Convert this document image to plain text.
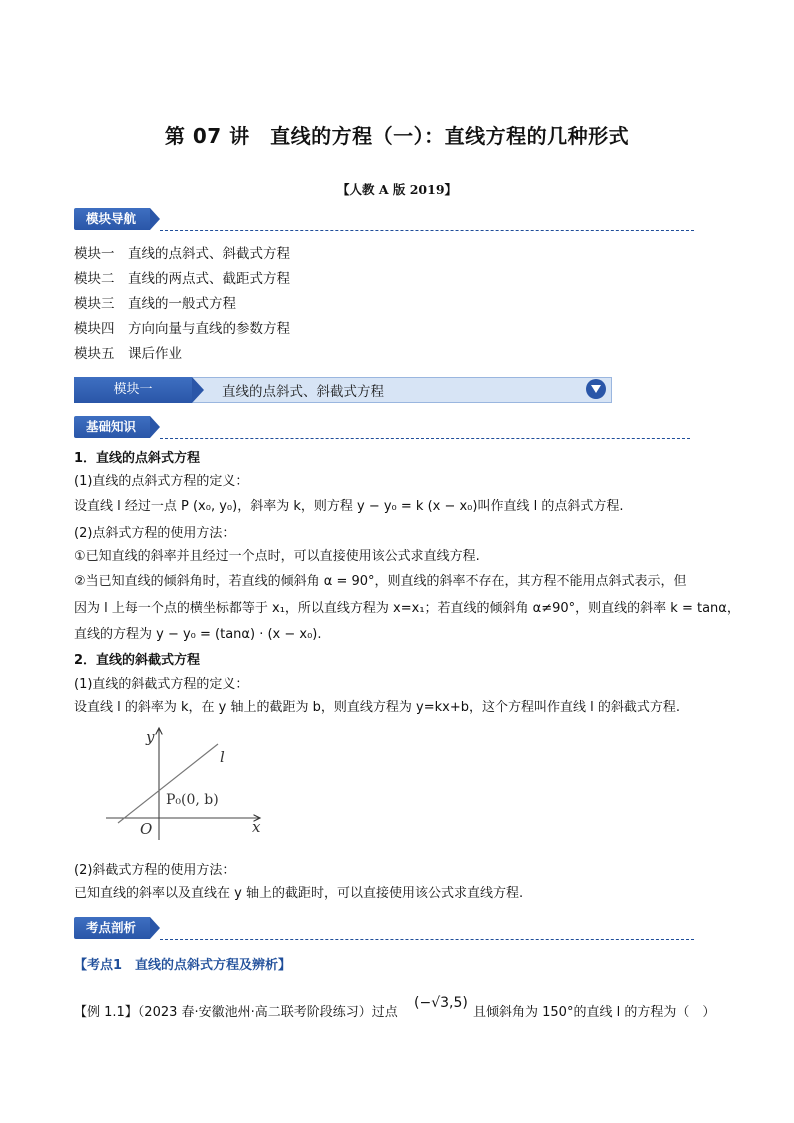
第 07 讲　直线的方程（一）：直线方程的几种形式
【人教 A 版 2019】
模块导航
模块一　直线的点斜式、斜截式方程
模块二　直线的两点式、截距式方程
模块三　直线的一般式方程
模块四　方向向量与直线的参数方程
模块五　课后作业
模块一	直线的点斜式、斜截式方程
基础知识
1．直线的点斜式方程
(1)直线的点斜式方程的定义：
设直线 l 经过一点 P (x₀, y₀)，斜率为 k，则方程 y − y₀ = k (x − x₀)叫作直线 l 的点斜式方程.
(2)点斜式方程的使用方法：
①已知直线的斜率并且经过一个点时，可以直接使用该公式求直线方程.
②当已知直线的倾斜角时，若直线的倾斜角 α = 90°，则直线的斜率不存在，其方程不能用点斜式表示，但
因为 l 上每一个点的横坐标都等于 x₁，所以直线方程为 x=x₁；若直线的倾斜角 α≠90°，则直线的斜率 k = tanα，
直线的方程为 y − y₀ = (tanα) · (x − x₀).
2．直线的斜截式方程
(1)直线的斜截式方程的定义：
设直线 l 的斜率为 k，在 y 轴上的截距为 b，则直线方程为 y=kx+b，这个方程叫作直线 l 的斜截式方程.
y
x
O
l
P₀(0, b)
(2)斜截式方程的使用方法：
已知直线的斜率以及直线在 y 轴上的截距时，可以直接使用该公式求直线方程.
考点剖析
【考点1　直线的点斜式方程及辨析】
【例 1.1】（2023 春·安徽池州·高二联考阶段练习）过点
(−√3,5)
且倾斜角为 150°的直线 l 的方程为（　）
